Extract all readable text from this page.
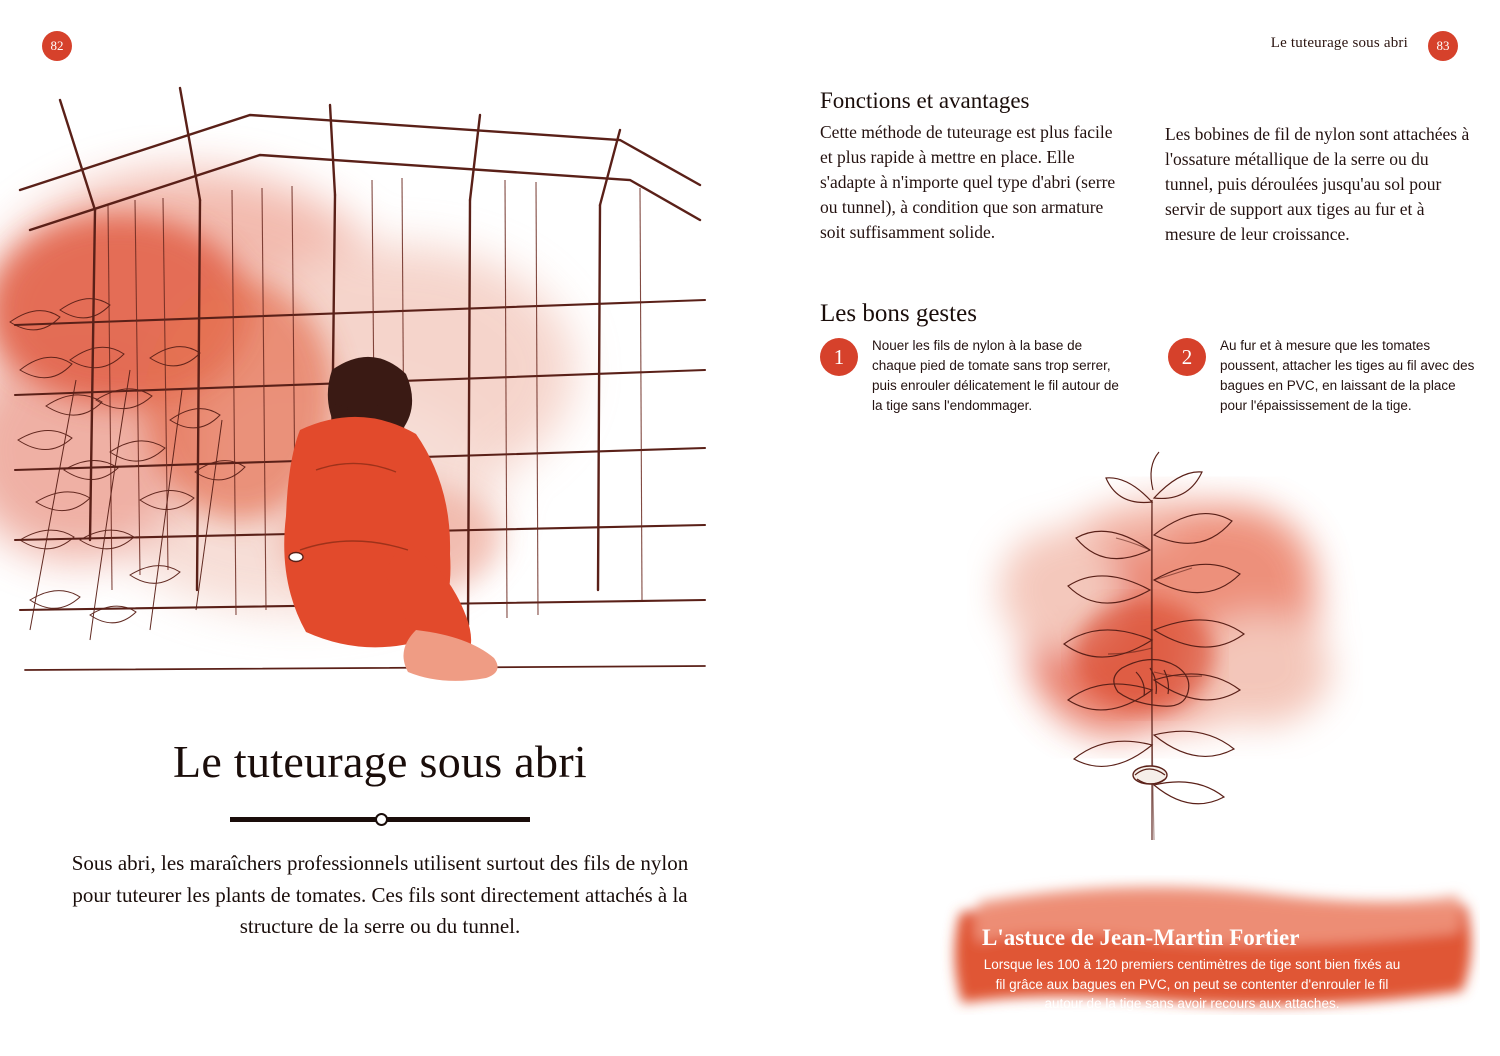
82
Le tuteurage sous abri

Sous abri, les maraîchers professionnels utilisent surtout des fils de nylon pour tuteurer les plants de tomates. Ces fils sont directement attachés à la structure de la serre ou du tunnel.

Le tuteurage sous abri	83
Fonctions et avantages

Cette méthode de tuteurage est plus facile et plus rapide à mettre en place. Elle s'adapte à n'importe quel type d'abri (serre ou tunnel), à condition que son armature soit suffisamment solide.

Les bobines de fil de nylon sont attachées à l'ossature métallique de la serre ou du tunnel, puis déroulées jusqu'au sol pour servir de support aux tiges au fur et à mesure de leur croissance.

Les bons gestes
1	Nouer les fils de nylon à la base de chaque pied de tomate sans trop serrer, puis enrouler délicatement le fil autour de la tige sans l'endommager.
2	Au fur et à mesure que les tomates poussent, attacher les tiges au fil avec des bagues en PVC, en laissant de la place pour l'épaississement de la tige.
L'astuce de Jean-Martin Fortier

Lorsque les 100 à 120 premiers centimètres de tige sont bien fixés au fil grâce aux bagues en PVC, on peut se contenter d'enrouler le fil autour de la tige sans avoir recours aux attaches.
